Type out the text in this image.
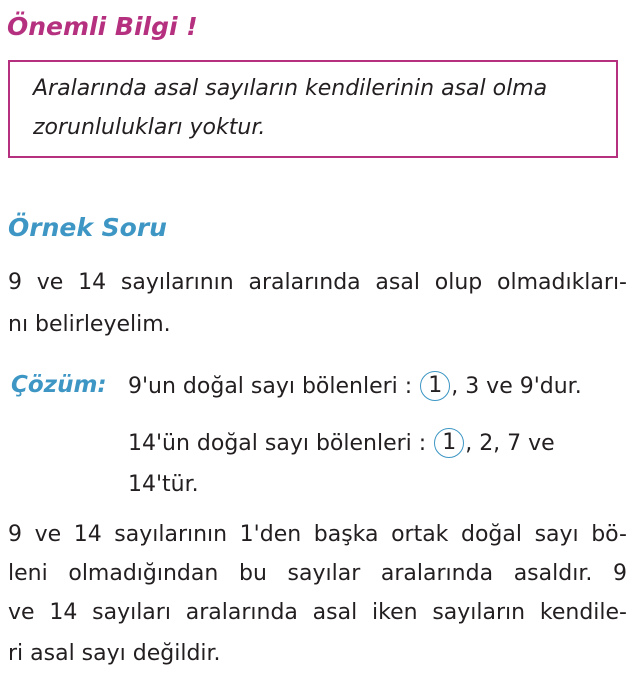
Önemli Bilgi !
Aralarında asal sayıların kendilerinin asal olma
zorunlulukları yoktur.
Örnek Soru
9 ve 14 sayılarının aralarında asal olup olmadıkları-
nı belirleyelim.
Çözüm: 9'un doğal sayı bölenleri : 1 , 3 ve 9'dur.
14'ün doğal sayı bölenleri : 1 , 2, 7 ve
14'tür.
9 ve 14 sayılarının 1'den başka ortak doğal sayı bö-
leni olmadığından bu sayılar aralarında asaldır. 9
ve 14 sayıları aralarında asal iken sayıların kendile-
ri asal sayı değildir.
